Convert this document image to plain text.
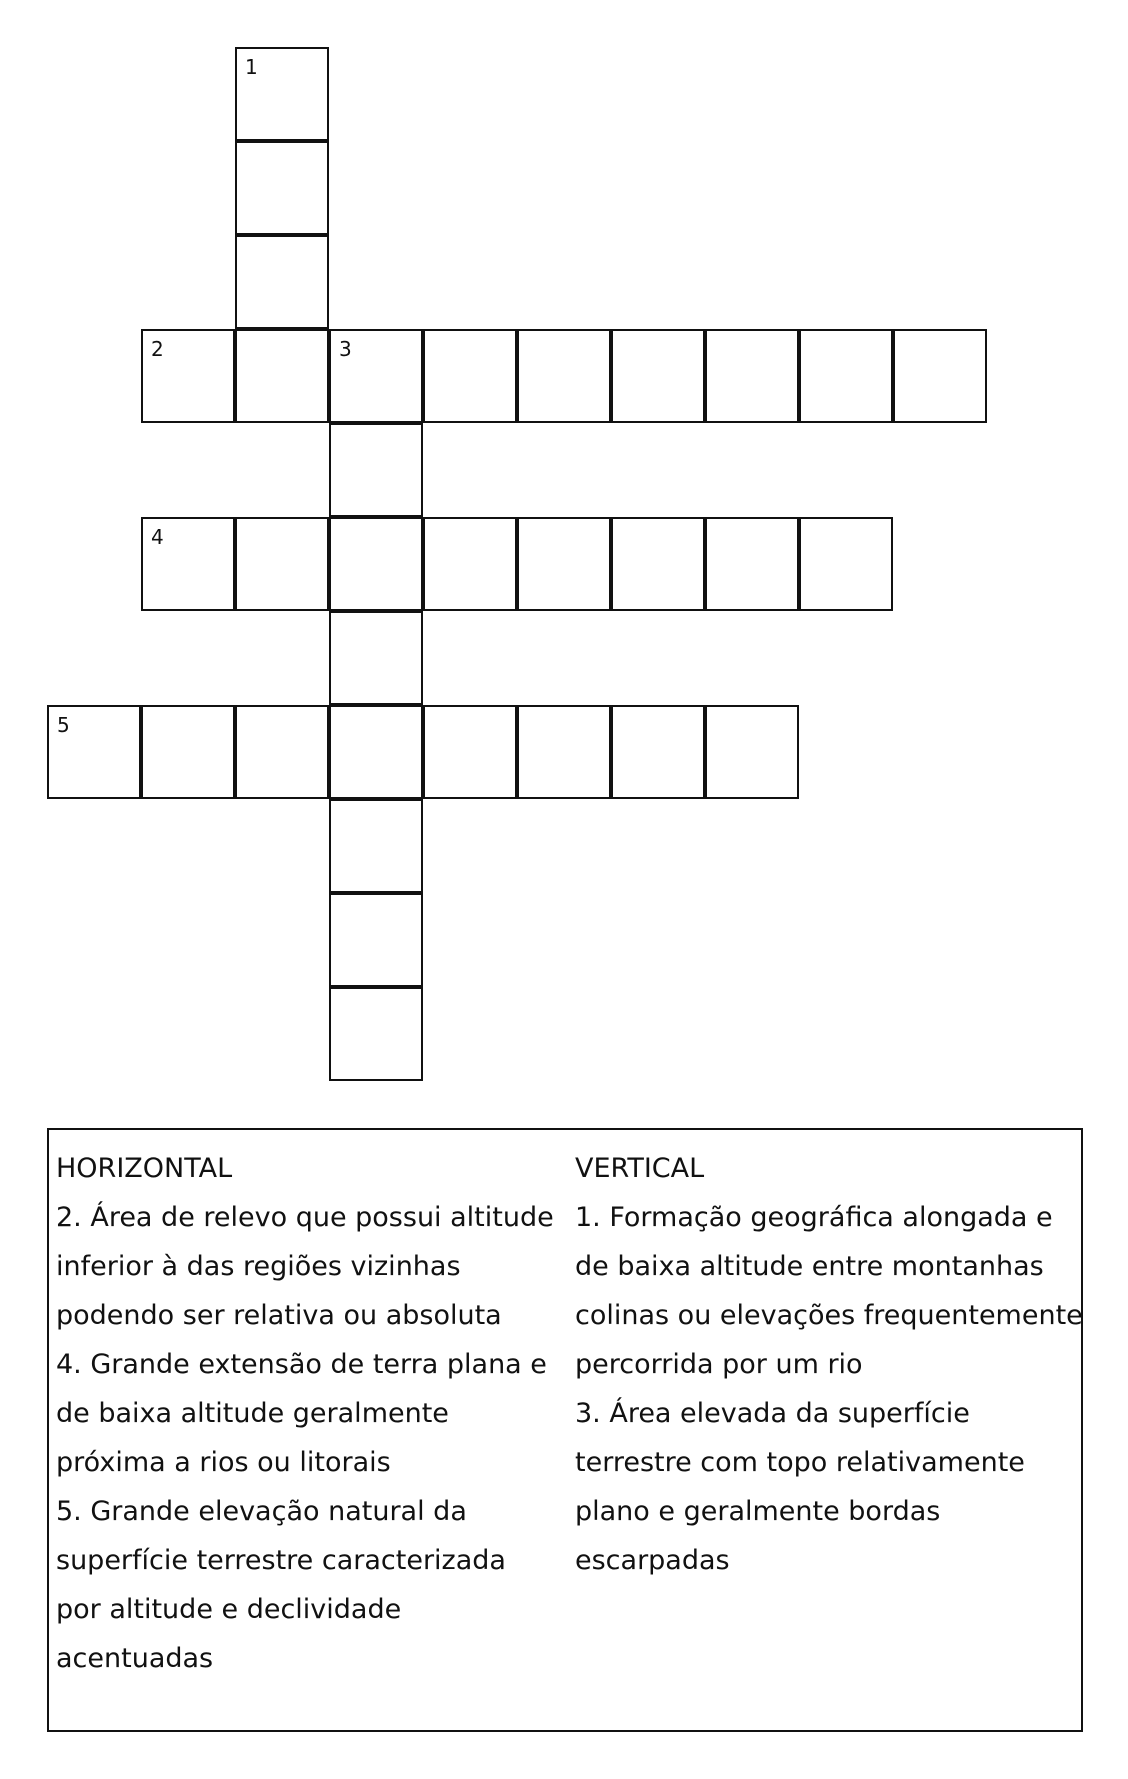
1
2	3
4
5
HORIZONTAL
2. Área de relevo que possui altitude
inferior à das regiões vizinhas
podendo ser relativa ou absoluta
4. Grande extensão de terra plana e
de baixa altitude geralmente
próxima a rios ou litorais
5. Grande elevação natural da
superfície terrestre caracterizada
por altitude e declividade
acentuadas
VERTICAL
1. Formação geográfica alongada e
de baixa altitude entre montanhas
colinas ou elevações frequentemente
percorrida por um rio
3. Área elevada da superfície
terrestre com topo relativamente
plano e geralmente bordas
escarpadas
